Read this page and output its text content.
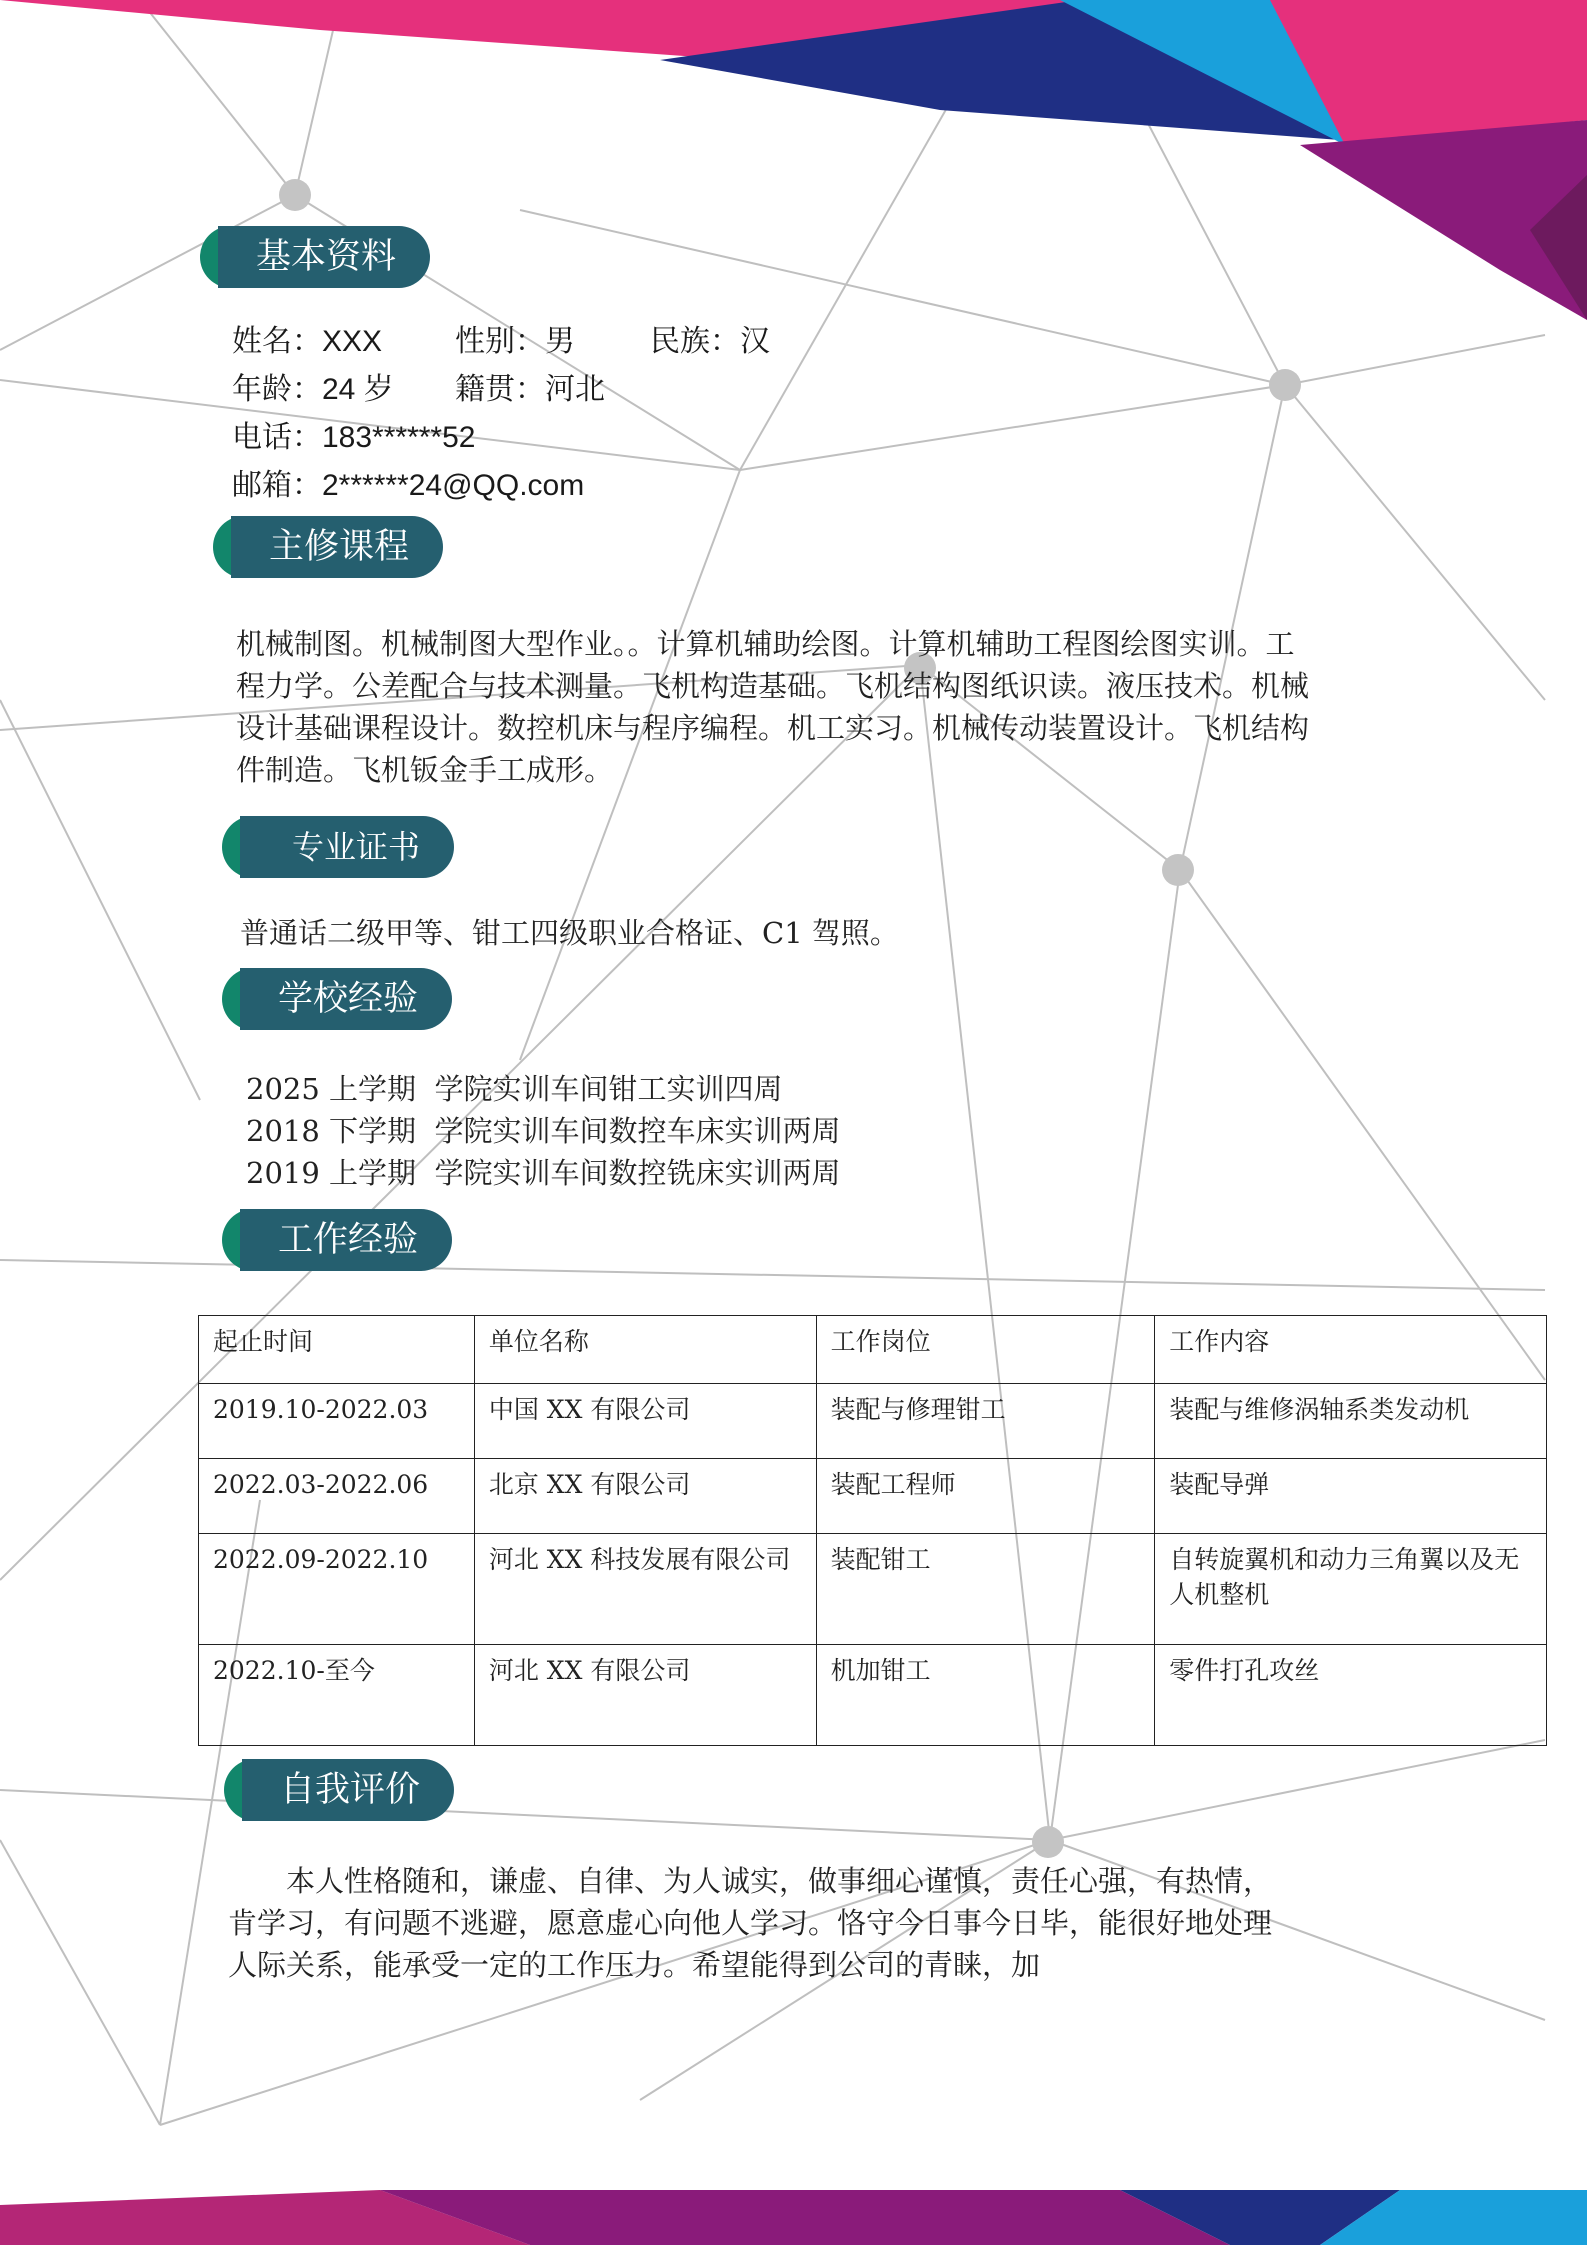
基本资料
姓名：XXX 性别：男	民族：汉
年龄：24 岁 籍贯：河北
电话：183******52
邮箱：2******24@QQ.com
主修课程
机械制图。机械制图大型作业。。计算机辅助绘图。计算机辅助工程图绘图实训。工程力学。公差配合与技术测量。飞机构造基础。飞机结构图纸识读。液压技术。机械设计基础课程设计。数控机床与程序编程。机工实习。机械传动装置设计。飞机结构件制造。飞机钣金手工成形。
专业证书
普通话二级甲等、钳工四级职业合格证、C1 驾照。
学校经验
2025 上学期  学院实训车间钳工实训四周
2018 下学期  学院实训车间数控车床实训两周
2019 上学期  学院实训车间数控铣床实训两周
工作经验
起止时间	单位名称	工作岗位	工作内容
2019.10-2022.03	中国 XX 有限公司	装配与修理钳工	装配与维修涡轴系类发动机
2022.03-2022.06	北京 XX 有限公司	装配工程师	装配导弹
2022.09-2022.10	河北 XX 科技发展有限公司	装配钳工	自转旋翼机和动力三角翼以及无人机整机
2022.10-至今	河北 XX 有限公司	机加钳工	零件打孔攻丝
自我评价
本人性格随和，谦虚、自律、为人诚实，做事细心谨慎，责任心强，有热情，肯学习，有问题不逃避，愿意虚心向他人学习。恪守今日事今日毕，能很好地处理人际关系，能承受一定的工作压力。希望能得到公司的青睐，加
